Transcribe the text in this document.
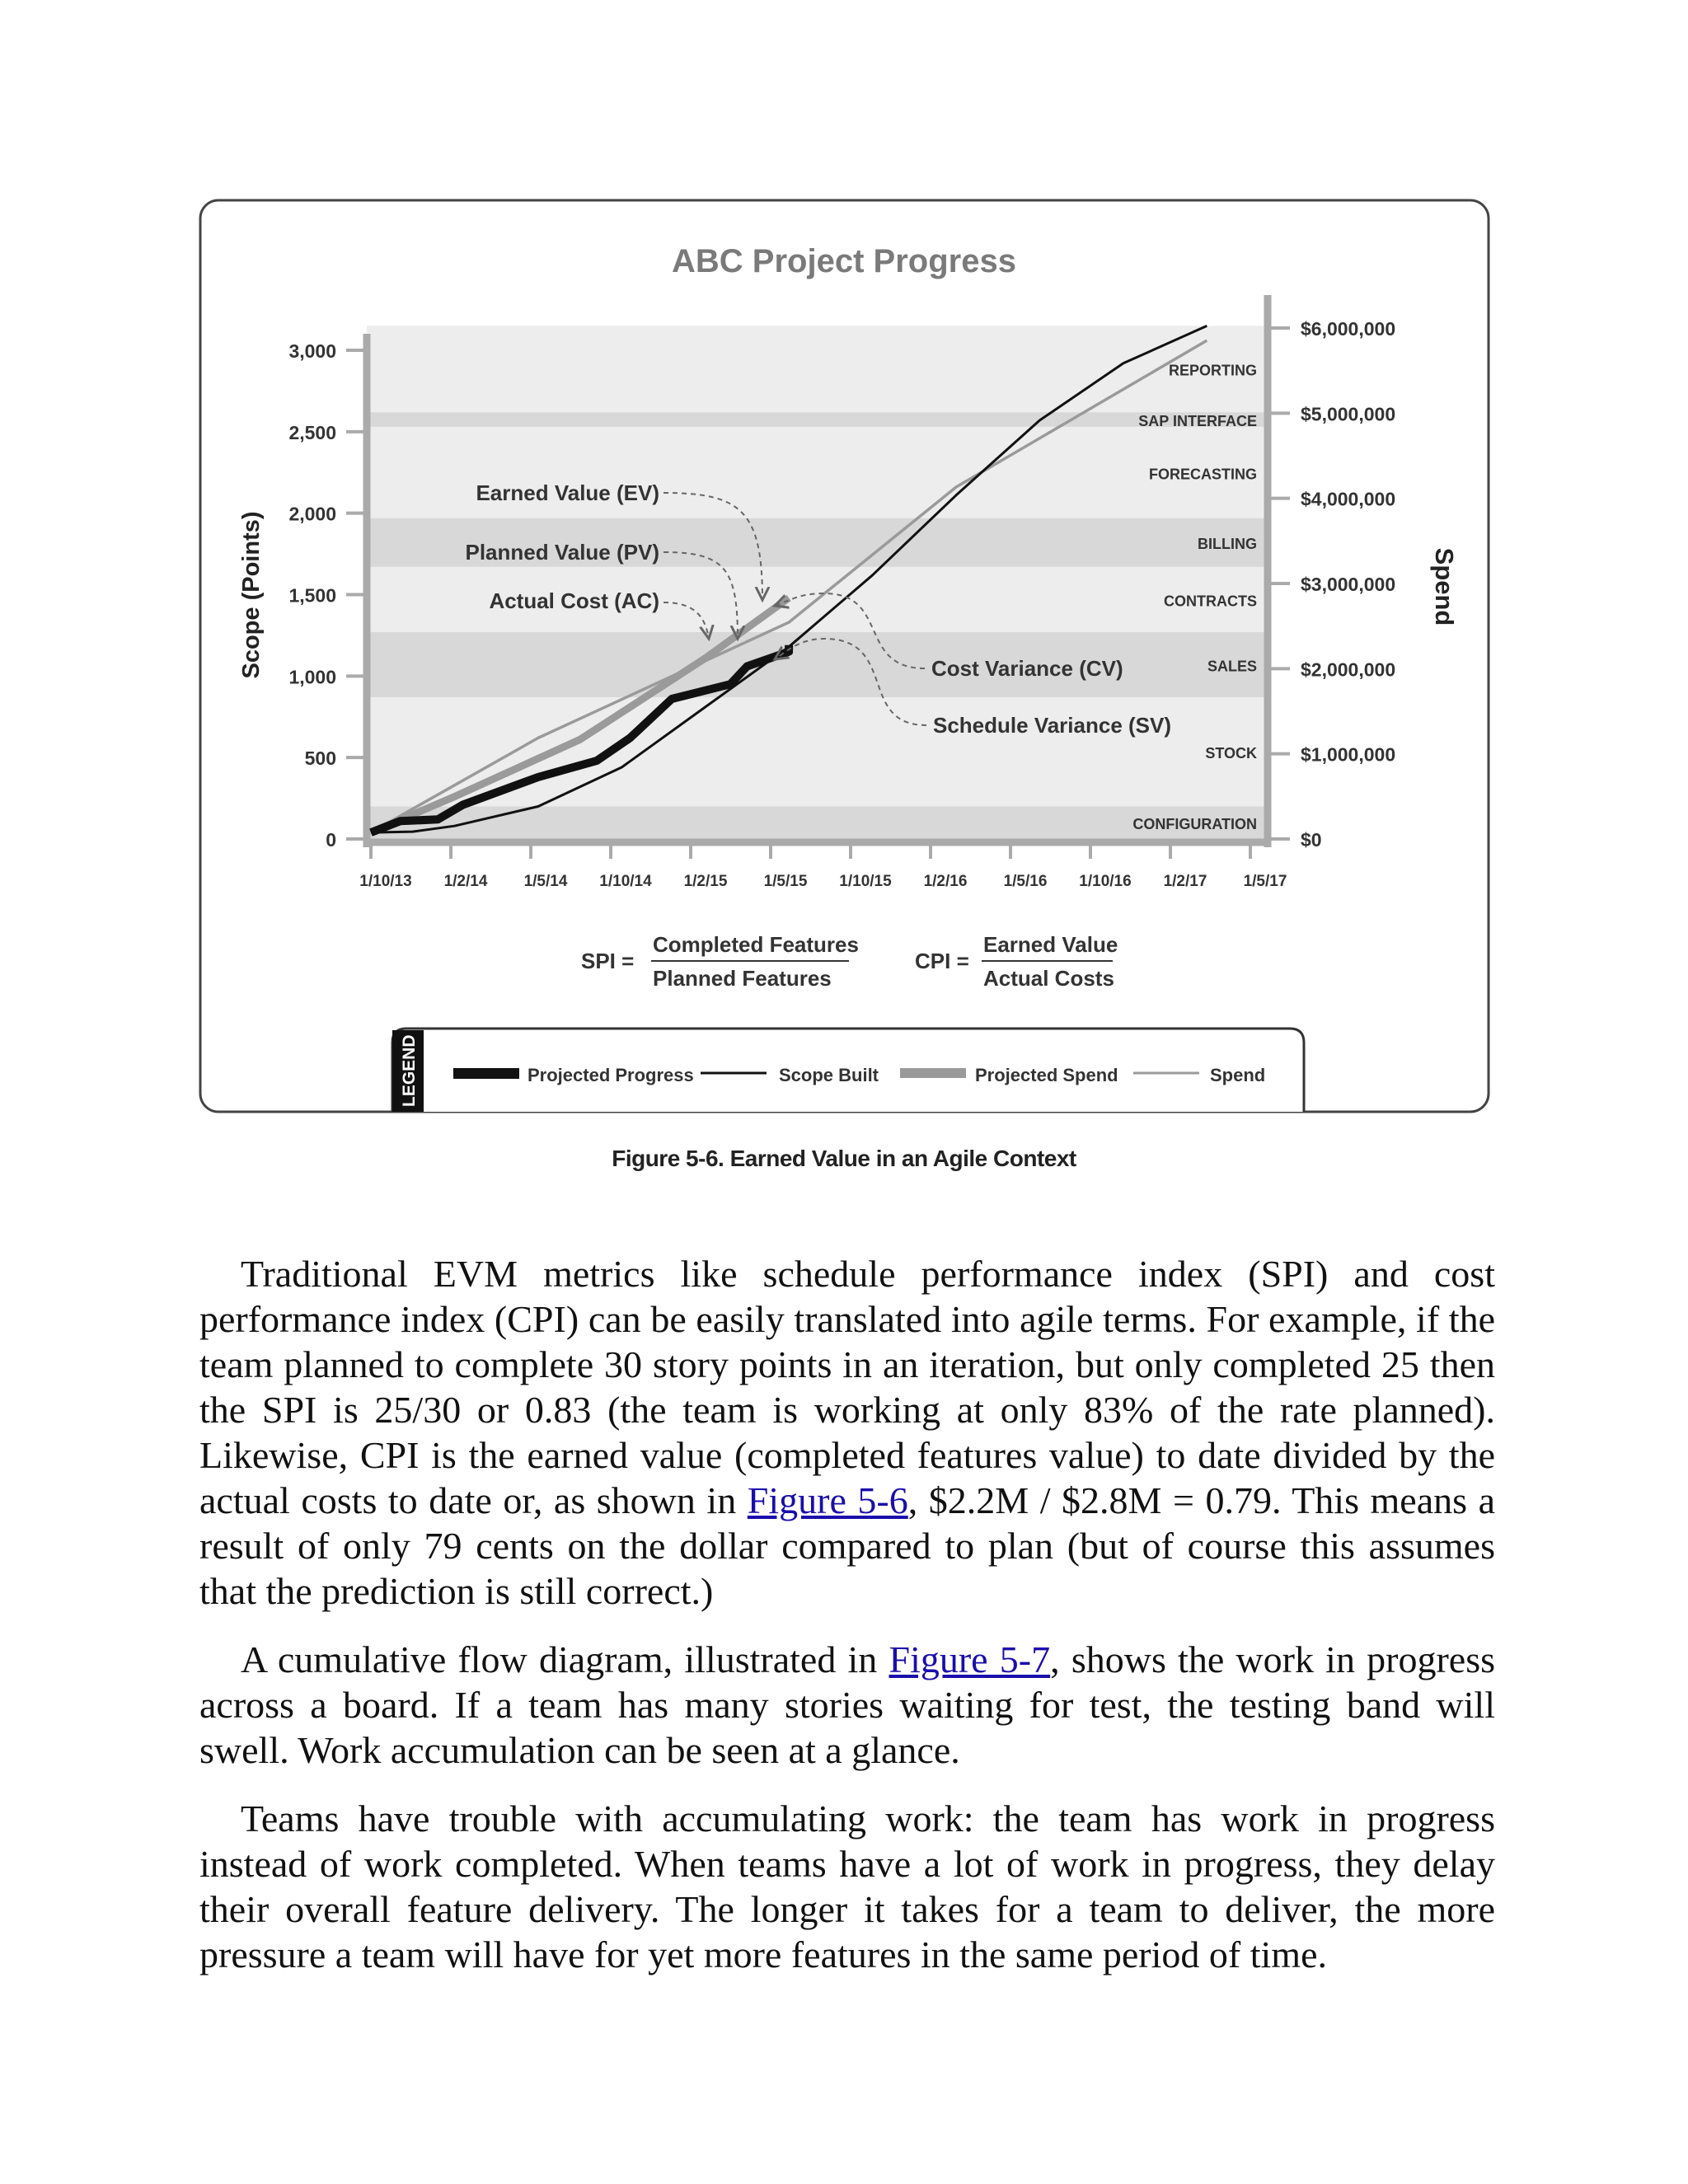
ABC Project Progress
CONFIGURATION
STOCK
SALES
CONTRACTS
BILLING
FORECASTING
SAP INTERFACE
REPORTING
0
500
1,000
1,500
2,000
2,500
3,000
$0
$1,000,000
$2,000,000
$3,000,000
$4,000,000
$5,000,000
$6,000,000
1/10/13 1/2/14 1/5/14 1/10/14 1/2/15 1/5/15 1/10/15 1/2/16 1/5/16 1/10/16 1/2/17 1/5/17
Scope (Points)	Spend
Earned Value (EV)
Planned Value (PV)
Actual Cost (AC)
Cost Variance (CV)
Schedule Variance (SV)
SPI =
Completed Features
Planned Features
CPI =
Earned Value
Actual Costs
LEGEND	Projected Progress	Scope Built	Projected Spend	Spend
Figure 5-6. Earned Value in an Agile Context

Traditional EVM metrics like schedule performance index (SPI) and cost performance index (CPI) can be easily translated into agile terms. For example, if the team planned to complete 30 story points in an iteration, but only completed 25 then the SPI is 25/30 or 0.83 (the team is working at only 83% of the rate planned). Likewise, CPI is the earned value (completed features value) to date divided by the actual costs to date or, as shown in Figure 5-6, $2.2M / $2.8M = 0.79. This means a result of only 79 cents on the dollar compared to plan (but of course this assumes that the prediction is still correct.)

A cumulative flow diagram, illustrated in Figure 5-7, shows the work in progress across a board. If a team has many stories waiting for test, the testing band will swell. Work accumulation can be seen at a glance.

Teams have trouble with accumulating work: the team has work in progress instead of work completed. When teams have a lot of work in progress, they delay their overall feature delivery. The longer it takes for a team to deliver, the more pressure a team will have for yet more features in the same period of time.
